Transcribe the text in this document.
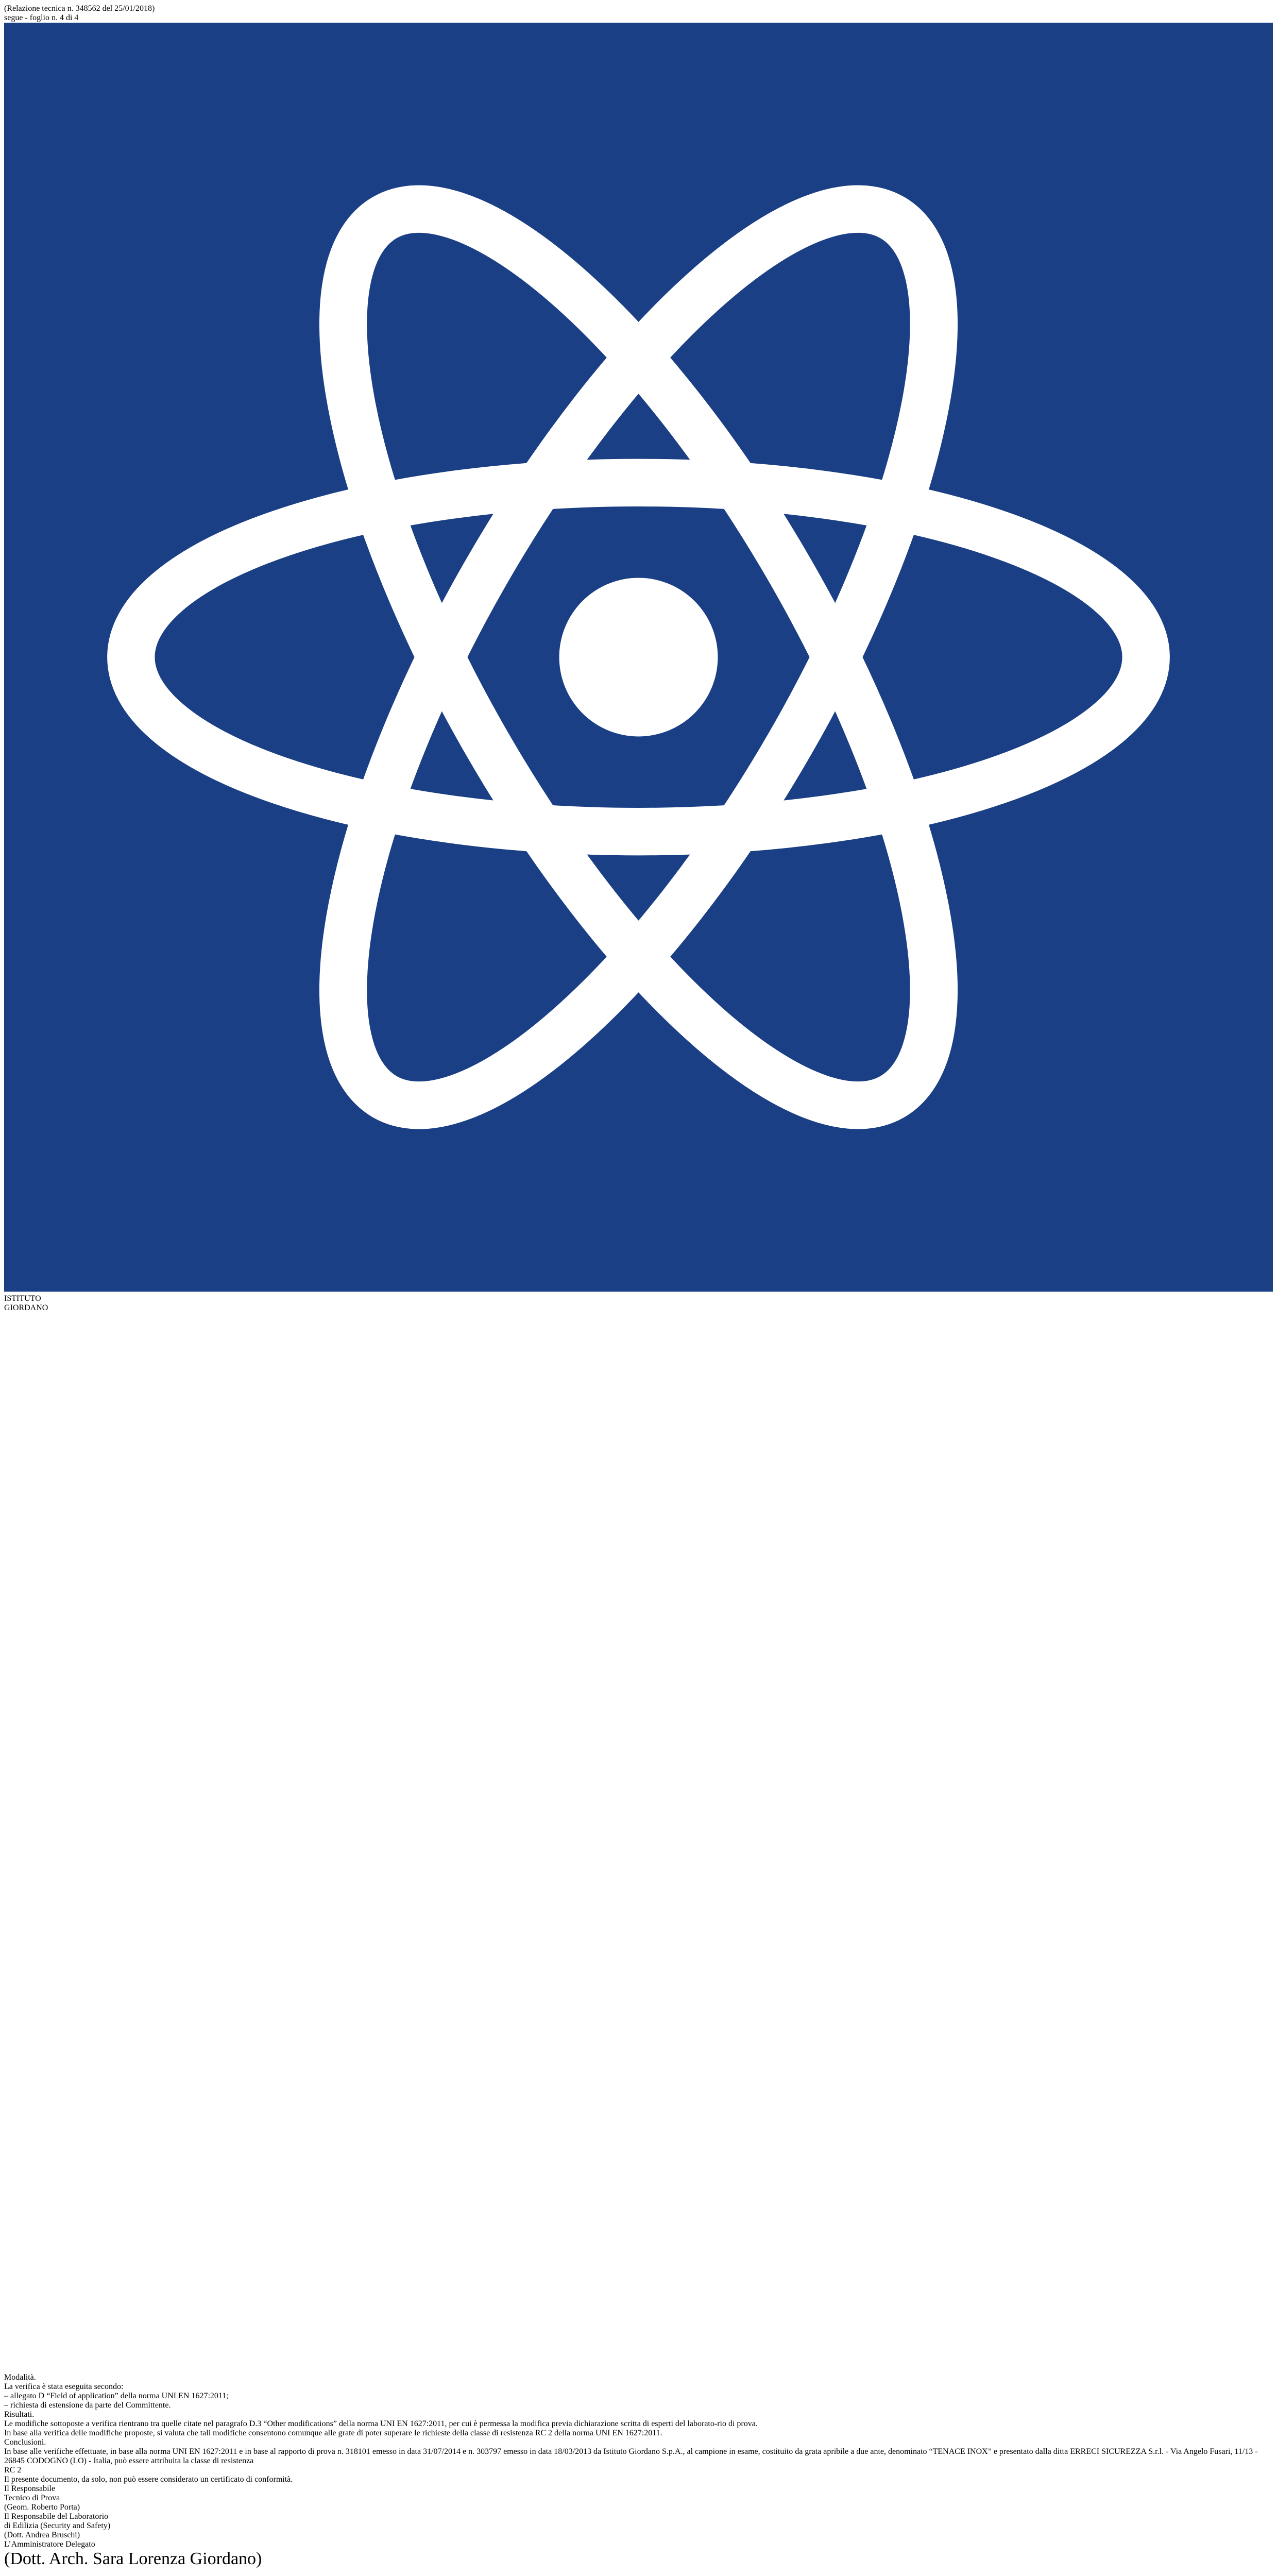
(Relazione tecnica n. 348562 del 25/01/2018)
segue - foglio n. 4 di 4
ISTITUTO
GIORDANO
Modalità.
La verifica è stata eseguita secondo:
– allegato D “Field of application” della norma UNI EN 1627:2011;
– richiesta di estensione da parte del Committente.
Risultati.
Le modifiche sottoposte a verifica rientrano tra quelle citate nel paragrafo D.3 “Other modifications” della norma UNI EN 1627:2011, per cui è permessa la modifica previa dichiarazione scritta di esperti del laborato-rio di prova.
In base alla verifica delle modifiche proposte, si valuta che tali modifiche consentono comunque alle grate di poter superare le richieste della classe di resistenza RC 2 della norma UNI EN 1627:2011.
Conclusioni.
In base alle verifiche effettuate, in base alla norma UNI EN 1627:2011 e in base al rapporto di prova n. 318101 emesso in data 31/07/2014 e n. 303797 emesso in data 18/03/2013 da Istituto Giordano S.p.A., al campione in esame, costituito da grata apribile a due ante, denominato “TENACE INOX” e presentato dalla ditta ERRECI SICUREZZA S.r.l. - Via Angelo Fusari, 11/13 - 26845 CODOGNO (LO) - Italia, può essere attribuita la classe di resistenza
RC 2
Il presente documento, da solo, non può essere considerato un certificato di conformità.
Il Responsabile
Tecnico di Prova
(Geom. Roberto Porta)
Il Responsabile del Laboratorio
di Edilizia (Security and Safety)
(Dott. Andrea Bruschi)
L’Amministratore Delegato
(Dott. Arch. Sara Lorenza Giordano)
